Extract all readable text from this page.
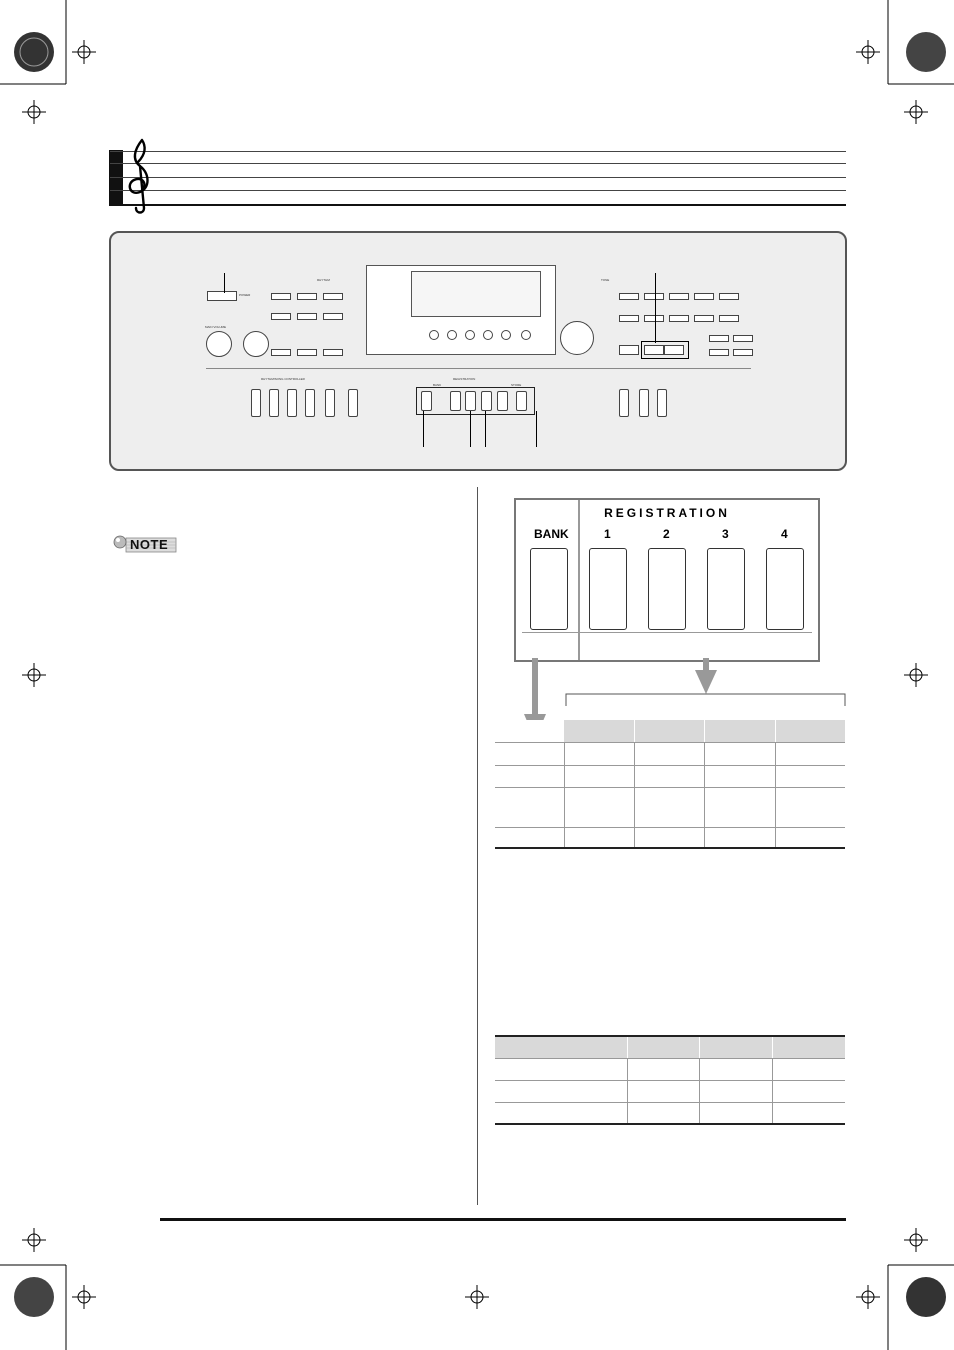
POWER
MAIN VOLUME
RHYTHM	TONE
RHYTHM/SONG CONTROLLER	REGISTRATION
BANK	STORE
NOTE
REGISTRATION
BANK	1	2	3	4
